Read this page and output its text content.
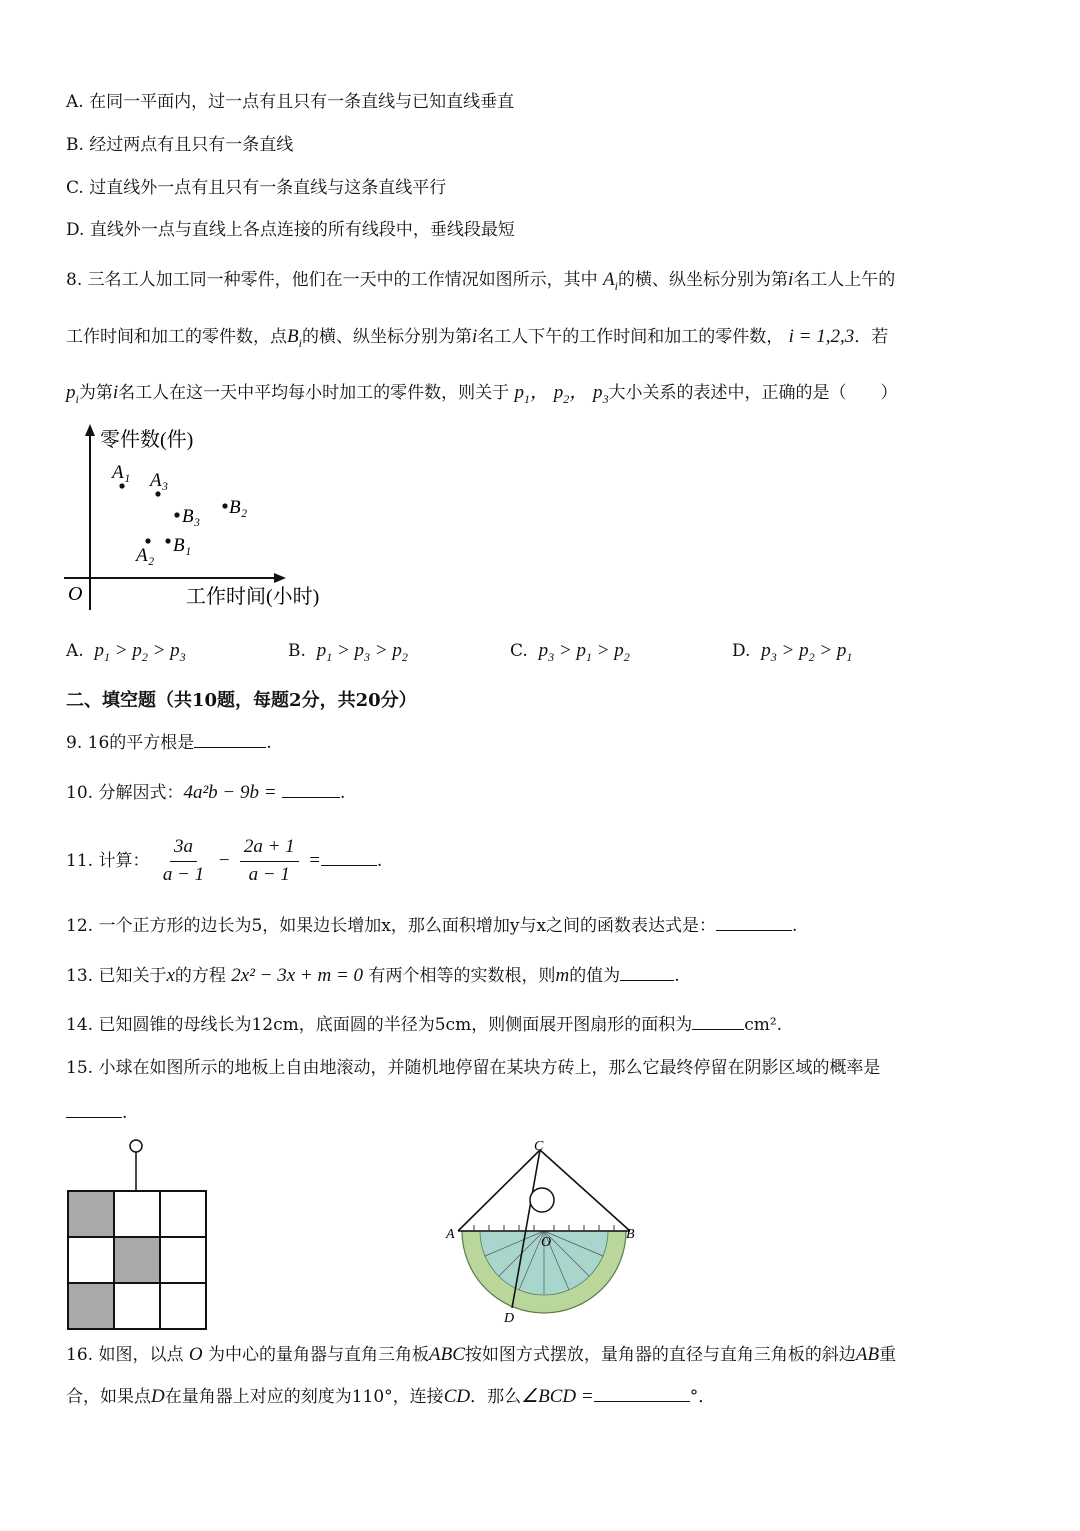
A. 在同一平面内，过一点有且只有一条直线与已知直线垂直
B. 经过两点有且只有一条直线
C. 过直线外一点有且只有一条直线与这条直线平行
D. 直线外一点与直线上各点连接的所有线段中，垂线段最短
8. 三名工人加工同一种零件，他们在一天中的工作情况如图所示，其中 $A_i$的横、纵坐标分别为第i名工人上午的
工作时间和加工的零件数，点$B_i$的横、纵坐标分别为第i名工人下午的工作时间和加工的零件数， i = 1,2,3．若
$p_i$为第i名工人在这一天中平均每小时加工的零件数，则关于 $p_1$， $p_2$， $p_3$大小关系的表述中，正确的是（　　）
零件数(件)
工作时间(小时)
O
A₁ A₃
B₃ B₂
A₂ B₁
A. $p_1 > p_2 > p_3$	B. $p_1 > p_3 > p_2$	C. $p_3 > p_1 > p_2$	D. $p_3 > p_2 > p_1$
二、填空题（共10题，每题2分，共20分）
9. 16的平方根是	.
10. 分解因式：4a²b − 9b =	.
11. 计算： $\frac{3a}{a - 1} - \frac{2a + 1}{a - 1}$ =	.
12. 一个正方形的边长为5，如果边长增加x，那么面积增加y与x之间的函数表达式是：	.
13. 已知关于x的方程 2x² − 3x + m = 0 有两个相等的实数根，则m的值为	.
14. 已知圆锥的母线长为12cm，底面圆的半径为5cm，则侧面展开图扇形的面积为	cm².
15. 小球在如图所示的地板上自由地滚动，并随机地停留在某块方砖上，那么它最终停留在阴影区域的概率是
.
C
A	B
O
D
16. 如图，以点 O 为中心的量角器与直角三角板ABC按如图方式摆放，量角器的直径与直角三角板的斜边AB重
合，如果点D在量角器上对应的刻度为110°，连接CD．那么∠BCD =	°．
